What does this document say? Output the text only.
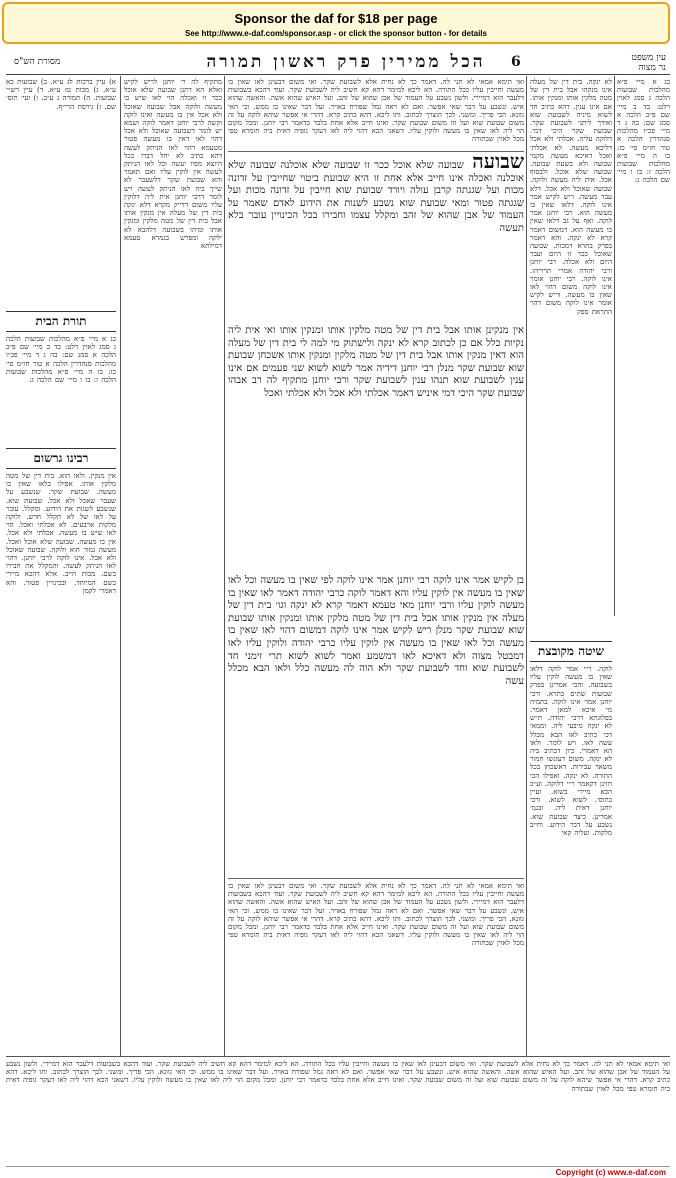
Sponsor the daf for $18 per page
See http://www.e-daf.com/sponsor.asp - or click the sponsor button - for details
מסורת הש"ס	הכל ממירין פרק ראשון תמורה	6	עין משפט
נר מצוה
א) עיין ברכות לג ע״א. ב) שבועות כא ע״א. ג) מכות טז ע״א. ד) עיין רש״י שבועות. ה) תמורה ג ע״ב. ו) ועי׳ תוס׳ שם. ז) גירסת הרי״ף.
תורת הבית
בג א מיי׳ פ״א מהלכות שבועות הלכה ג סמג לאוין רלט: בד ב מיי׳ שם פ״ב הלכה א סמג שם: בה ג ד מיי׳ פכ״ו מהלכות סנהדרין הלכה א טור חו״מ סי׳ כז: בו ה מיי׳ פ״א מהלכות שבועות הלכה ז: בז ו מיי׳ שם הלכה ג:
רבינו גרשום
אין מנקין. ולאו הוא. בית דין של מטה מלקין אותו. אפילו בלאו שאין בו מעשה. שבועת שקר. שנשבע על שעבר שאכל ולא אכל. שבועת שוא. שנשבע לשנות את הידוע. ומקלל. עובר על לאו של לא תקלל חרש. ולוקה מלקות ארבעים. לא אכלתי ואכל. הוי לאו שיש בו מעשה. אכלתי ולא אכל. אין בו מעשה. שבועה שלא אוכל ואכל. מעשה גמור הוא ולוקה. שבועה שאוכל ולא אכל. אינו לוקה לרבי יוחנן. דהוי לאו הניתק לעשה. והמקלל את חבירו בשם. מכות חייב. אלא דהכא מיירי בשם המיוחד. ובכינויין פטור. והא דאמרי לקמן
מתקיף לה ר׳ יוחנן לריש לקיש ואלא הא דתנן שבועה שלא אוכל ככר זו ואכלה הוי לאו שיש בו מעשה ולוקה אבל שבועה שאוכל ולא אכל אין בו מעשה ואינו לוקה וקשה לרבי יוחנן דאמר לוקה ושמא יש לומר דשבועה שאוכל ולא אכל דהוי לאו דאין בו מעשה פטור מטעמא דהוי לאו הניתק לעשה דהא כתיב לא יחל דברו ככל היוצא מפיו יעשה וכל לאו הניתק לעשה אין לוקין עליו ואם תאמר והא שבועת שקר דלשעבר לא שייך ביה לאו הניתק לעשה ויש לומר דרבי יוחנן אית ליה דלוקין עליו משום דדייק מקרא דלא ינקה בית דין של מעלה אין מנקין אותו אבל בית דין של מטה מלקין ומנקין אותו ומיהו בשבועה דלהבא לא ילקה ומפרש בגמרא טעמא דמילתא
ואי תימא אמאי לא תני לה. דאמר כך לא נחית אלא לשבועת שקר. ואי משום דבעינן לאו שאין בו מעשה וחייבין עליו ככל התורה. הא ליכא למימר דהא קא חשיב ליה לשבועת שקר. ועוד דהכא בשבועות דלעבר הוא דמיירי. ולשון נשבע על העמוד של אבן שהוא של זהב. ועל האיש שהוא אשה. והאשה שהוא איש. ונשבע על דבר שאי אפשר. ואם לא ראה גמל שפורח באויר. ועל דבר שאינו בו ממש. וכי האי גוונא. הכי פריך. ומשני. לכך הוצרך לכתוב. ותו ליכא. דהא כתיב קרא. דהרי אי אפשר שיהא לוקה על זה משום שבועת שוא ועל זה משום שבועת שקר. ואינו חייב אלא אחת בלבד כדאמר רבי יוחנן. ומכל מקום הוי ליה לאו שאין בו מעשה ולוקין עליו. דשאני הכא דהוי ליה לאו דעקר גופיה דאית ביה חומרא טפי מכל לאוין שבתורה
שבועה שבועה שלא אוכל ככר זו שבועה שלא אוכלנה שבועה שלא אוכלנה ואכלה אינו חייב אלא אחת זו היא שבועת ביטוי שחייבין על זדונה מכות ועל שגגתה קרבן עולה ויורד שבועת שוא חייבין על זדונה מכות ועל שגגתה פטור ומאי שבועת שוא נשבע לשנות את הידוע לאדם שאמר על העמוד של אבן שהוא של זהב ומקלל עצמו וחבירו בכל הכינויין עובר בלא תעשה
אין מנקינן אותו אבל בית דין של מטה מלקין אותו ומנקין אותו ואי אית ליה נקיות כלל אם כן לכתוב קרא לא ינקה ולישתוק מי למה לי בית דין של מעלה הוא דאין מנקין אותו אבל בית דין של מטה מלקין ומנקין אותו אשכחן שבועת שוא שבועת שקר מנלן רבי יוחנן דידיה אמר לשוא לשוא שני פעמים אם אינו ענין לשבועת שוא תנהו ענין לשבועת שקר ורבי יוחנן מתקיף לה רב אבהו שבועת שקר היכי דמי איניש דאמר אכלתי ולא אכל ולא אכלתי ואכל
בן לקיש אמר אינו לוקה רבי יוחנן אמר אינו לוקה לפי שאין בו מעשה וכל לאו שאין בו מעשה אין לוקין עליו והא דאמר לוקה כרבי יהודה דאמר לאו שאין בו מעשה לוקין עליו ורבי יוחנן מאי טעמא דאמר קרא לא ינקה וגו׳ בית דין של מעלה אין מנקין אותו אבל בית דין של מטה מלקין אותו ומנקין אותו שבועת שוא שבועת שקר מנלן ריש לקיש אמר אינו לוקה דמשום דהוי לאו שאין בו מעשה וכל לאו שאין בו מעשה אין לוקין עליו כרבי יהודה ולוקין עליו לאו דמבטל מצוה ולא דאיכא לאו דמשמע ואמר לשוא לשוא תרי זימני חד לשבועת שוא וחד לשבועת שקר ולא הוה לה מעשה כלל ולאו הבא מכלל עשה
ואי תימא אמאי לא תני לה. דאמר כך לא נחית אלא לשבועת שקר. ואי משום דבעינן לאו שאין בו מעשה וחייבין עליו ככל התורה. הא ליכא למימר דהא קא חשיב ליה לשבועת שקר. ועוד דהכא בשבועות דלעבר הוא דמיירי. ולשון נשבע על העמוד של אבן שהוא של זהב. ועל האיש שהוא אשה. והאשה שהוא איש. ונשבע על דבר שאי אפשר. ואם לא ראה גמל שפורח באויר. ועל דבר שאינו בו ממש. וכי האי גוונא. הכי פריך. ומשני. לכך הוצרך לכתוב. ותו ליכא. דהא כתיב קרא. דהרי אי אפשר שיהא לוקה על זה משום שבועת שוא ועל זה משום שבועת שקר. ואינו חייב אלא אחת בלבד כדאמר רבי יוחנן. ומכל מקום הוי ליה לאו שאין בו מעשה ולוקין עליו. דשאני הכא דהוי ליה לאו דעקר גופיה דאית ביה חומרא טפי מכל לאוין שבתורה
לא ינקה. בית דין של מעלה אינו מנקהו אבל בית דין של מטה מלקין אותו ומנקין אותו. אם אינו ענין. דהא כתיב חד לשוא מיניה לשבועת שוא ואידך ליתני לשבועת שקר. שבועת שקר היכי דמי. דלוקה עליה. אכלתי ולא אכל דליכא מעשה. לא אכלתי ואכל דאיכא מעשה מקמי שבועה ולא בשעת שבועה. שבועה שלא אוכל. ולבסוף אכל. אית ליה מעשה ולוקה. שבועה שאוכל ולא אכל. דלא עבד מעשה. ריש לקיש אמר אינו לוקה. דלאו שאין בו מעשה הוא. רבי יוחנן אמר לוקה. ואף על גב דלאו שאין בו מעשה הוא. דמשום דאמר קרא לא ינקה. והא דאמר בפרק בתרא דמכות. שבועה שאוכל ככר זו היום ועבר היום ולא אכלה. רבי יוחנן ורבי יהודה אמרי תרוייהו. אינו לוקה. רבי יוחנן אומר אינו לוקה משום דהוי לאו שאין בו מעשה. וריש לקיש אומר אינו לוקה משום דהוי התראת ספק
שיטה מקובצת
לוקה. ר״י אמר לוקה דלאו שאין בו מעשה לוקין עליו בשבועה. והכי אמרינן בפרק שבועות שתים בתרא. ורבי יוחנן אמר אינו לוקה. בתמיה מי איכא למאן דאמר. בפלוגתא דרבי יהודה. ת״ש לא ינקה מיבעי ליה. וממאי דכי כתיב לאו הבא מכלל עשה לאו. ויש לומר. ולאו הא דאמרי. כיון דכתיב ביה לא ינקה. משום דעונשו חמור משאר עבירות. דאשכחן בכל התורה. לא ינקה. ואפילו הכי חזינן דקאמר ר״י דלוקה. וע״כ הכא מיירי בשוא. ועיין בתוס׳. לשוא לשוא. ורבי יוחנן דאית ליה. ובגמ׳ אמרינן. כיצד שבועת שוא. נשבע על דבר הידוע. וחייב מלקות. ועליה קאי
בג א מיי׳ פ״א מהלכות שבועות הלכה ג סמג לאוין רלט: בד ב מיי׳ שם פ״ב הלכה א סמג שם: בה ג ד מיי׳ פכ״ו מהלכות סנהדרין הלכה א טור חו״מ סי׳ כז: בו ה מיי׳ פ״א מהלכות שבועות הלכה ז: בז ו מיי׳ שם הלכה ג:
ואי תימא אמאי לא תני לה. דאמר כך לא נחית אלא לשבועת שקר. ואי משום דבעינן לאו שאין בו מעשה וחייבין עליו ככל התורה. הא ליכא למימר דהא קא חשיב ליה לשבועת שקר. ועוד דהכא בשבועות דלעבר הוא דמיירי. ולשון נשבע על העמוד של אבן שהוא של זהב. ועל האיש שהוא אשה. והאשה שהוא איש. ונשבע על דבר שאי אפשר. ואם לא ראה גמל שפורח באויר. ועל דבר שאינו בו ממש. וכי האי גוונא. הכי פריך. ומשני. לכך הוצרך לכתוב. ותו ליכא. דהא כתיב קרא. דהרי אי אפשר שיהא לוקה על זה משום שבועת שוא ועל זה משום שבועת שקר. ואינו חייב אלא אחת בלבד כדאמר רבי יוחנן. ומכל מקום הוי ליה לאו שאין בו מעשה ולוקין עליו. דשאני הכא דהוי ליה לאו דעקר גופיה דאית ביה חומרא טפי מכל לאוין שבתורה
Copyright (c) www.e-daf.com
